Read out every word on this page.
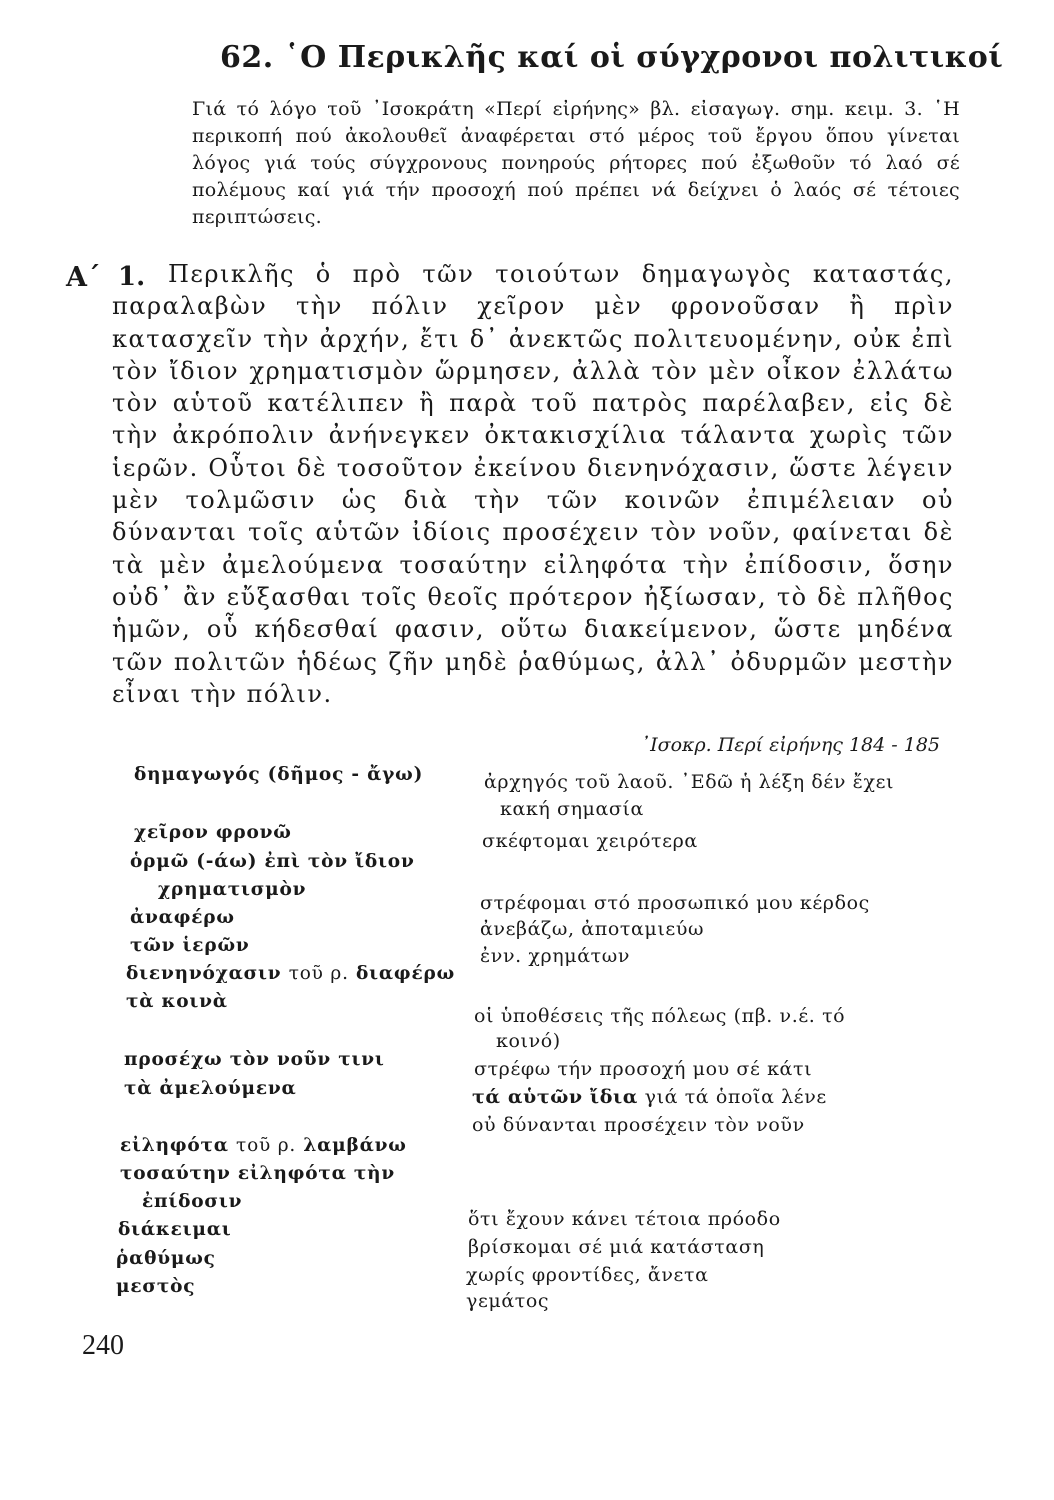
62. ῾Ο Περικλῆς καί οἱ σύγχρονοι πολιτικοί
Γιά τό λόγο τοῦ ᾿Ισοκράτη «Περί εἰρήνης» βλ. εἰσαγωγ. σημ. κειμ. 3. ῾Η περικοπή πού ἀκολουθεῖ ἀναφέρεται στό μέρος τοῦ ἔργου ὅπου γίνεται λόγος γιά τούς σύγχρονους πονηρούς ρήτορες πού ἐξωθοῦν τό λαό σέ πολέμους καί γιά τήν προσοχή πού πρέπει νά δείχνει ὁ λαός σέ τέτοιες περιπτώσεις.
Α΄ 1. Περικλῆς ὁ πρὸ τῶν τοιούτων δημαγωγὸς καταστάς, παραλαβὼν τὴν πόλιν χεῖρον μὲν φρονοῦσαν ἢ πρὶν κατασχεῖν τὴν ἀρχήν, ἔτι δ᾿ ἀνεκτῶς πολιτευομένην, οὐκ ἐπὶ τὸν ἴδιον χρηματισμὸν ὥρμησεν, ἀλλὰ τὸν μὲν οἶκον ἐλλάτω τὸν αὑτοῦ κατέλιπεν ἢ παρὰ τοῦ πατρὸς παρέλαβεν, εἰς δὲ τὴν ἀκρόπολιν ἀνήνεγκεν ὀκτακισχίλια τάλαντα χωρὶς τῶν ἱερῶν. Οὗτοι δὲ τοσοῦτον ἐκείνου διενηνόχασιν, ὥστε λέγειν μὲν τολμῶσιν ὡς διὰ τὴν τῶν κοινῶν ἐπιμέλειαν οὐ δύνανται τοῖς αὑτῶν ἰδίοις προσέχειν τὸν νοῦν, φαίνεται δὲ τὰ μὲν ἀμελούμενα τοσαύτην εἰληφότα τὴν ἐπίδοσιν, ὅσην οὐδ᾿ ἂν εὔξασθαι τοῖς θεοῖς πρότερον ἠξίωσαν, τὸ δὲ πλῆθος ἡμῶν, οὗ κήδεσθαί φασιν, οὕτω διακείμενον, ὥστε μηδένα τῶν πολιτῶν ἡδέως ζῆν μηδὲ ῥαθύμως, ἀλλ᾿ ὀδυρμῶν μεστὴν εἶναι τὴν πόλιν.
᾿Ισοκρ. Περί εἰρήνης 184 - 185
δημαγωγός (δῆμος - ἄγω)
χεῖρον φρονῶ
ὁρμῶ (-άω) ἐπὶ τὸν ἴδιον
χρηματισμὸν
ἀναφέρω
τῶν ἱερῶν
διενηνόχασιν τοῦ ρ. διαφέρω
τὰ κοινὰ
προσέχω τὸν νοῦν τινι
τὰ ἀμελούμενα
εἰληφότα τοῦ ρ. λαμβάνω
τοσαύτην εἰληφότα τὴν
ἐπίδοσιν
διάκειμαι
ῥαθύμως
μεστὸς
ἀρχηγός τοῦ λαοῦ. ᾿Εδῶ ἡ λέξη δέν ἔχει
κακή σημασία
σκέφτομαι χειρότερα
στρέφομαι στό προσωπικό μου κέρδος
ἀνεβάζω, ἀποταμιεύω
ἐνν. χρημάτων
οἱ ὑποθέσεις τῆς πόλεως (πβ. ν.έ. τό
κοινό)
στρέφω τήν προσοχή μου σέ κάτι
τά αὑτῶν ἴδια γιά τά ὁποῖα λένε
οὐ δύνανται προσέχειν τὸν νοῦν
ὅτι ἔχουν κάνει τέτοια πρόοδο
βρίσκομαι σέ μιά κατάσταση
χωρίς φροντίδες, ἄνετα
γεμάτος
240
